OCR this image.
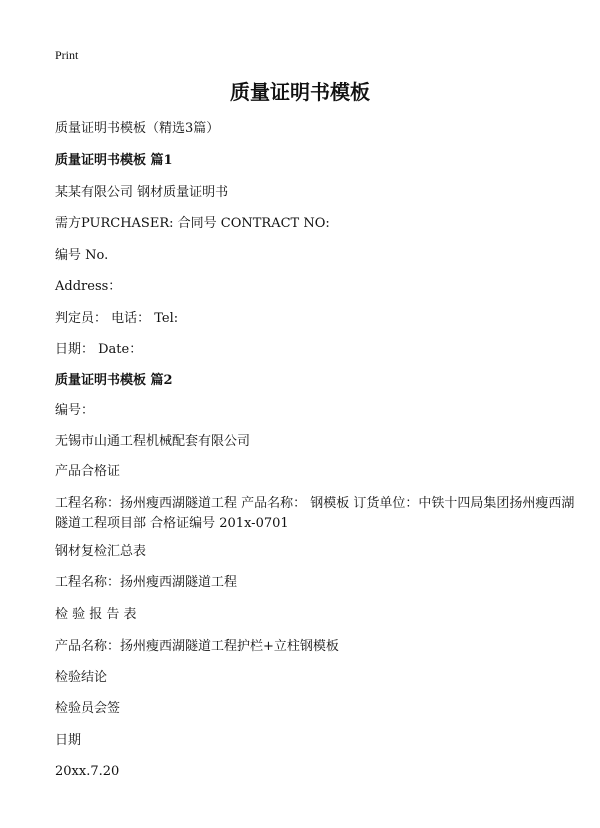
Print
质量证明书模板
质量证明书模板（精选3篇）
质量证明书模板 篇1
某某有限公司 钢材质量证明书
需方PURCHASER: 合同号 CONTRACT NO:
编号 No.
Address：
判定员： 电话： Tel:
日期： Date：
质量证明书模板 篇2
编号：
无锡市山通工程机械配套有限公司
产品合格证
工程名称：扬州瘦西湖隧道工程 产品名称： 钢模板 订货单位：中铁十四局集团扬州瘦西湖隧道工程项目部 合格证编号 201x-0701
钢材复检汇总表
工程名称：扬州瘦西湖隧道工程
检 验 报 告 表
产品名称：扬州瘦西湖隧道工程护栏+立柱钢模板
检验结论
检验员会签
日期
20xx.7.20
